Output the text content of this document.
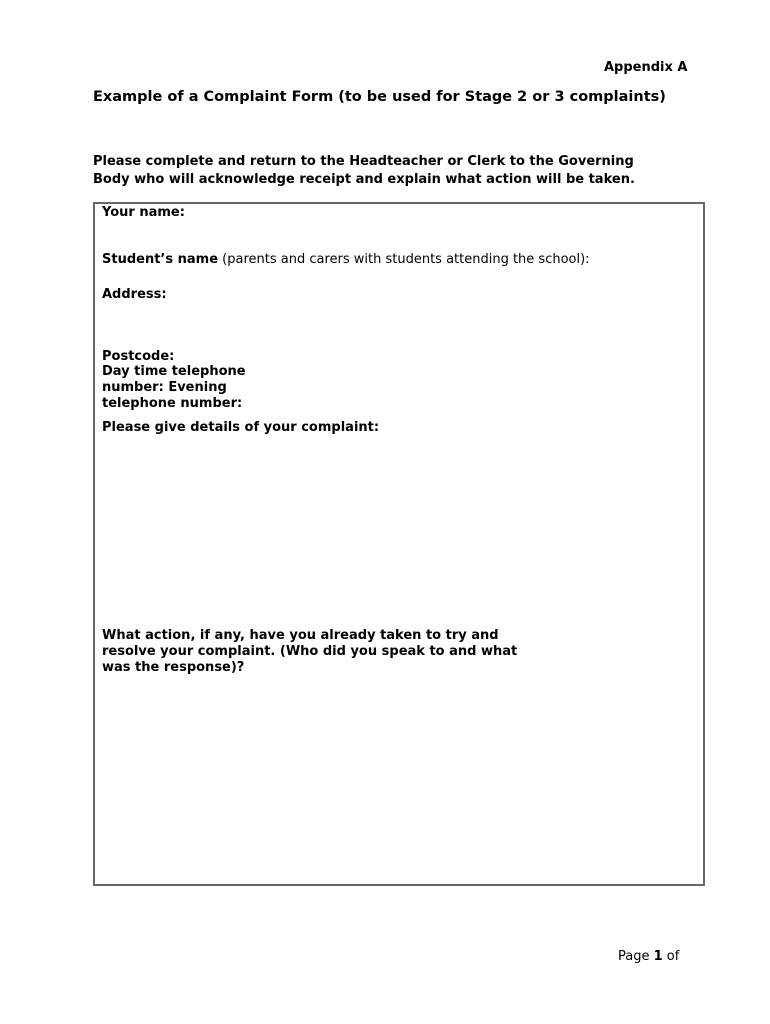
Appendix A
Example of a Complaint Form (to be used for Stage 2 or 3 complaints)
Please complete and return to the Headteacher or Clerk to the Governing
Body who will acknowledge receipt and explain what action will be taken.
Your name:
Student’s name (parents and carers with students attending the school):
Address:
Postcode:
Day time telephone
number: Evening
telephone number:
Please give details of your complaint:
What action, if any, have you already taken to try and
resolve your complaint. (Who did you speak to and what
was the response)?
Page 1 of
